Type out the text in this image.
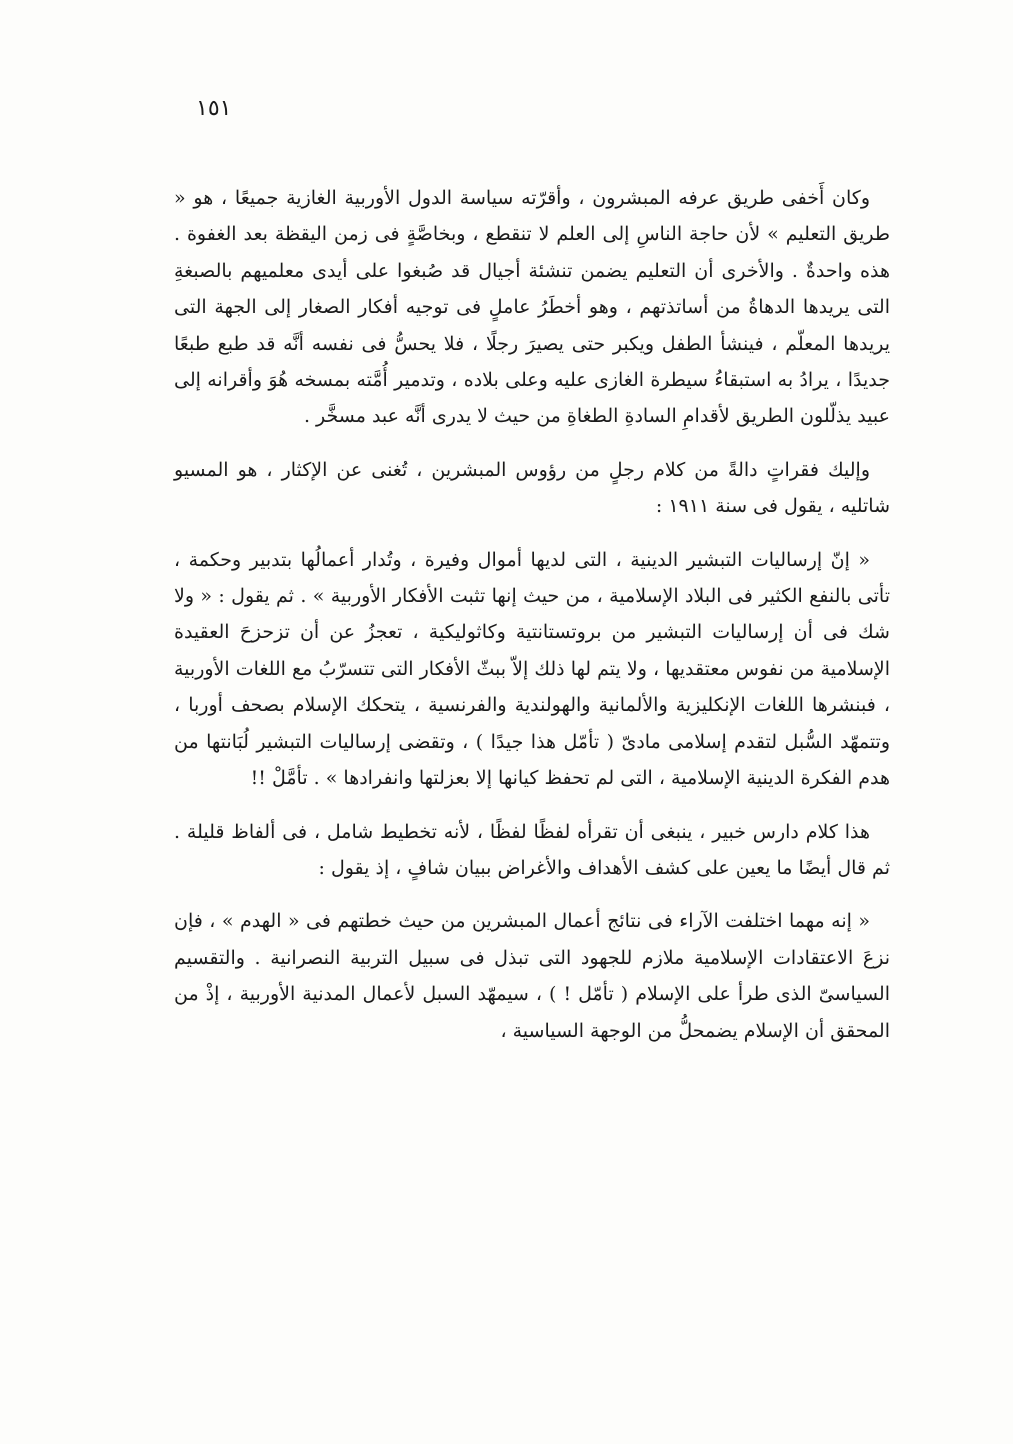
١٥١

وكان أَخفى طريق عرفه المبشرون ، وأقرّته سياسة الدول الأوربية الغازية جميعًا ، هو « طريق التعليم » لأن حاجة الناسِ إلى العلم لا تنقطع ، وبخاصَّةٍ فى زمن اليقظة بعد الغفوة . هذه واحدةٌ . والأخرى أن التعليم يضمن تنشئة أجيال قد صُبغوا على أيدى معلميهم بالصبغةِ التى يريدها الدهاةُ من أساتذتهم ، وهو أخطَرُ عاملٍ فى توجيه أفكار الصغار إلى الجهة التى يريدها المعلّم ، فينشأ الطفل ويكبر حتى يصيرَ رجلًا ، فلا يحسُّ فى نفسه أنَّه قد طبع طبعًا جديدًا ، يرادُ به استبقاءُ سيطرة الغازى عليه وعلى بلاده ، وتدمير أُمَّته بمسخه هُوَ وأقرانه إلى عبيد يذلّلون الطريق لأقدامِ السادةِ الطغاةِ من حيث لا يدرى أنَّه عبد مسخَّر .

وإليك فقراتٍ دالةً من كلام رجلٍ من رؤوس المبشرين ، تُغنى عن الإكثار ، هو المسيو شاتليه ، يقول فى سنة ١٩١١ :

« إنّ إرساليات التبشير الدينية ، التى لديها أموال وفيرة ، وتُدار أعمالُها بتدبير وحكمة ، تأتى بالنفع الكثير فى البلاد الإسلامية ، من حيث إنها تثبت الأفكار الأوربية » . ثم يقول : « ولا شك فى أن إرساليات التبشير من بروتستانتية وكاثوليكية ، تعجزُ عن أن تزحزحَ العقيدة الإسلامية من نفوس معتقديها ، ولا يتم لها ذلك إلاّ ببثّ الأفكار التى تتسرّبُ مع اللغات الأوربية ، فبنشرها اللغات الإنكليزية والألمانية والهولندية والفرنسية ، يتحكك الإسلام بصحف أوربا ، وتتمهّد السُّبل لتقدم إسلامى مادىّ ( تأمّل هذا جيدًا ) ، وتقضى إرساليات التبشير لُبَانتها من هدم الفكرة الدينية الإسلامية ، التى لم تحفظ كيانها إلا بعزلتها وانفرادها » . تأمَّلْ !!

هذا كلام دارس خبير ، ينبغى أن تقرأه لفظًا لفظًا ، لأنه تخطيط شامل ، فى ألفاظ قليلة . ثم قال أيضًا ما يعين على كشف الأهداف والأغراض ببيان شافٍ ، إذ يقول :

« إنه مهما اختلفت الآراء فى نتائج أعمال المبشرين من حيث خطتهم فى « الهدم » ، فإن نزعَ الاعتقادات الإسلامية ملازم للجهود التى تبذل فى سبيل التربية النصرانية . والتقسيم السياسىّ الذى طرأ على الإسلام ( تأمّل ! ) ، سيمهّد السبل لأعمال المدنية الأوربية ، إذْ من المحقق أن الإسلام يضمحلُّ من الوجهة السياسية ،
